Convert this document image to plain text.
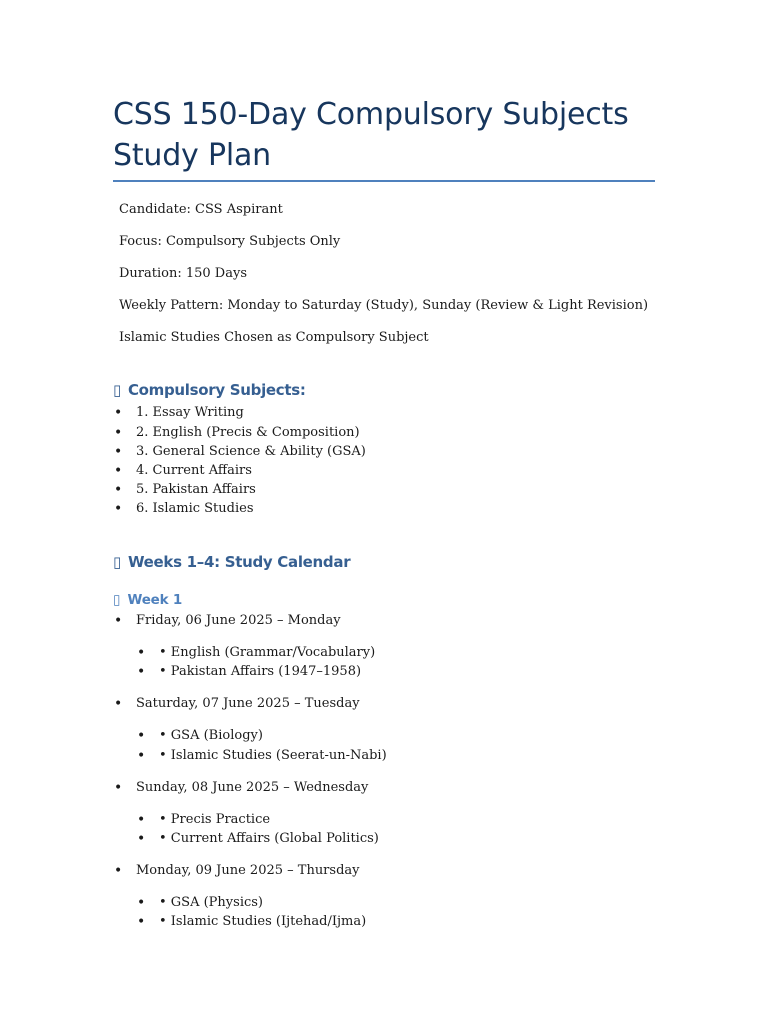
CSS 150-Day Compulsory Subjects Study Plan
Candidate: CSS Aspirant
Focus: Compulsory Subjects Only
Duration: 150 Days
Weekly Pattern: Monday to Saturday (Study), Sunday (Review & Light Revision)
Islamic Studies Chosen as Compulsory Subject
▯ Compulsory Subjects:
• 1. Essay Writing
• 2. English (Precis & Composition)
• 3. General Science & Ability (GSA)
• 4. Current Affairs
• 5. Pakistan Affairs
• 6. Islamic Studies
▯ Weeks 1–4: Study Calendar
▯ Week 1
• Friday, 06 June 2025 – Monday
• • English (Grammar/Vocabulary)
• • Pakistan Affairs (1947–1958)
• Saturday, 07 June 2025 – Tuesday
• • GSA (Biology)
• • Islamic Studies (Seerat-un-Nabi)
• Sunday, 08 June 2025 – Wednesday
• • Precis Practice
• • Current Affairs (Global Politics)
• Monday, 09 June 2025 – Thursday
• • GSA (Physics)
• • Islamic Studies (Ijtehad/Ijma)
